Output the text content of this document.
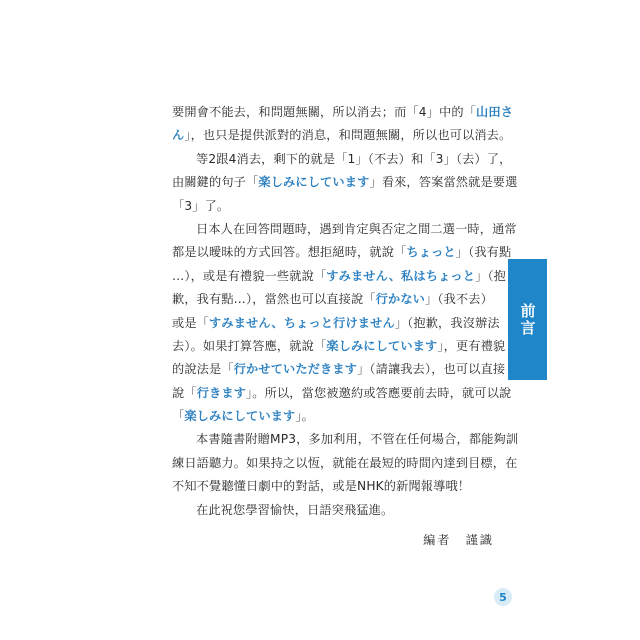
要開會不能去，和問題無關，所以消去；而「4」中的「山田さ
ん」，也只是提供派對的消息，和問題無關，所以也可以消去。
等2跟4消去，剩下的就是「1」（不去）和「3」（去）了，
由關鍵的句子「楽しみにしています」看來，答案當然就是要選
「3」了。
日本人在回答問題時，遇到肯定與否定之間二選一時，通常
都是以曖昧的方式回答。想拒絕時，就說「ちょっと」（我有點
…），或是有禮貌一些就說「すみません、私はちょっと」（抱
歉，我有點…），當然也可以直接說「行かない」（我不去）
或是「すみません、ちょっと行けません」（抱歉，我沒辦法
去）。如果打算答應，就說「楽しみにしています」，更有禮貌
的說法是「行かせていただきます」（請讓我去），也可以直接
說「行きます」。所以，當您被邀約或答應要前去時，就可以說
「楽しみにしています」。
本書隨書附贈MP3，多加利用，不管在任何場合，都能夠訓
練日語聽力。如果持之以恆，就能在最短的時間內達到目標，在
不知不覺聽懂日劇中的對話，或是NHK的新聞報導哦！
在此祝您學習愉快，日語突飛猛進。
編者　謹識
前言
5
